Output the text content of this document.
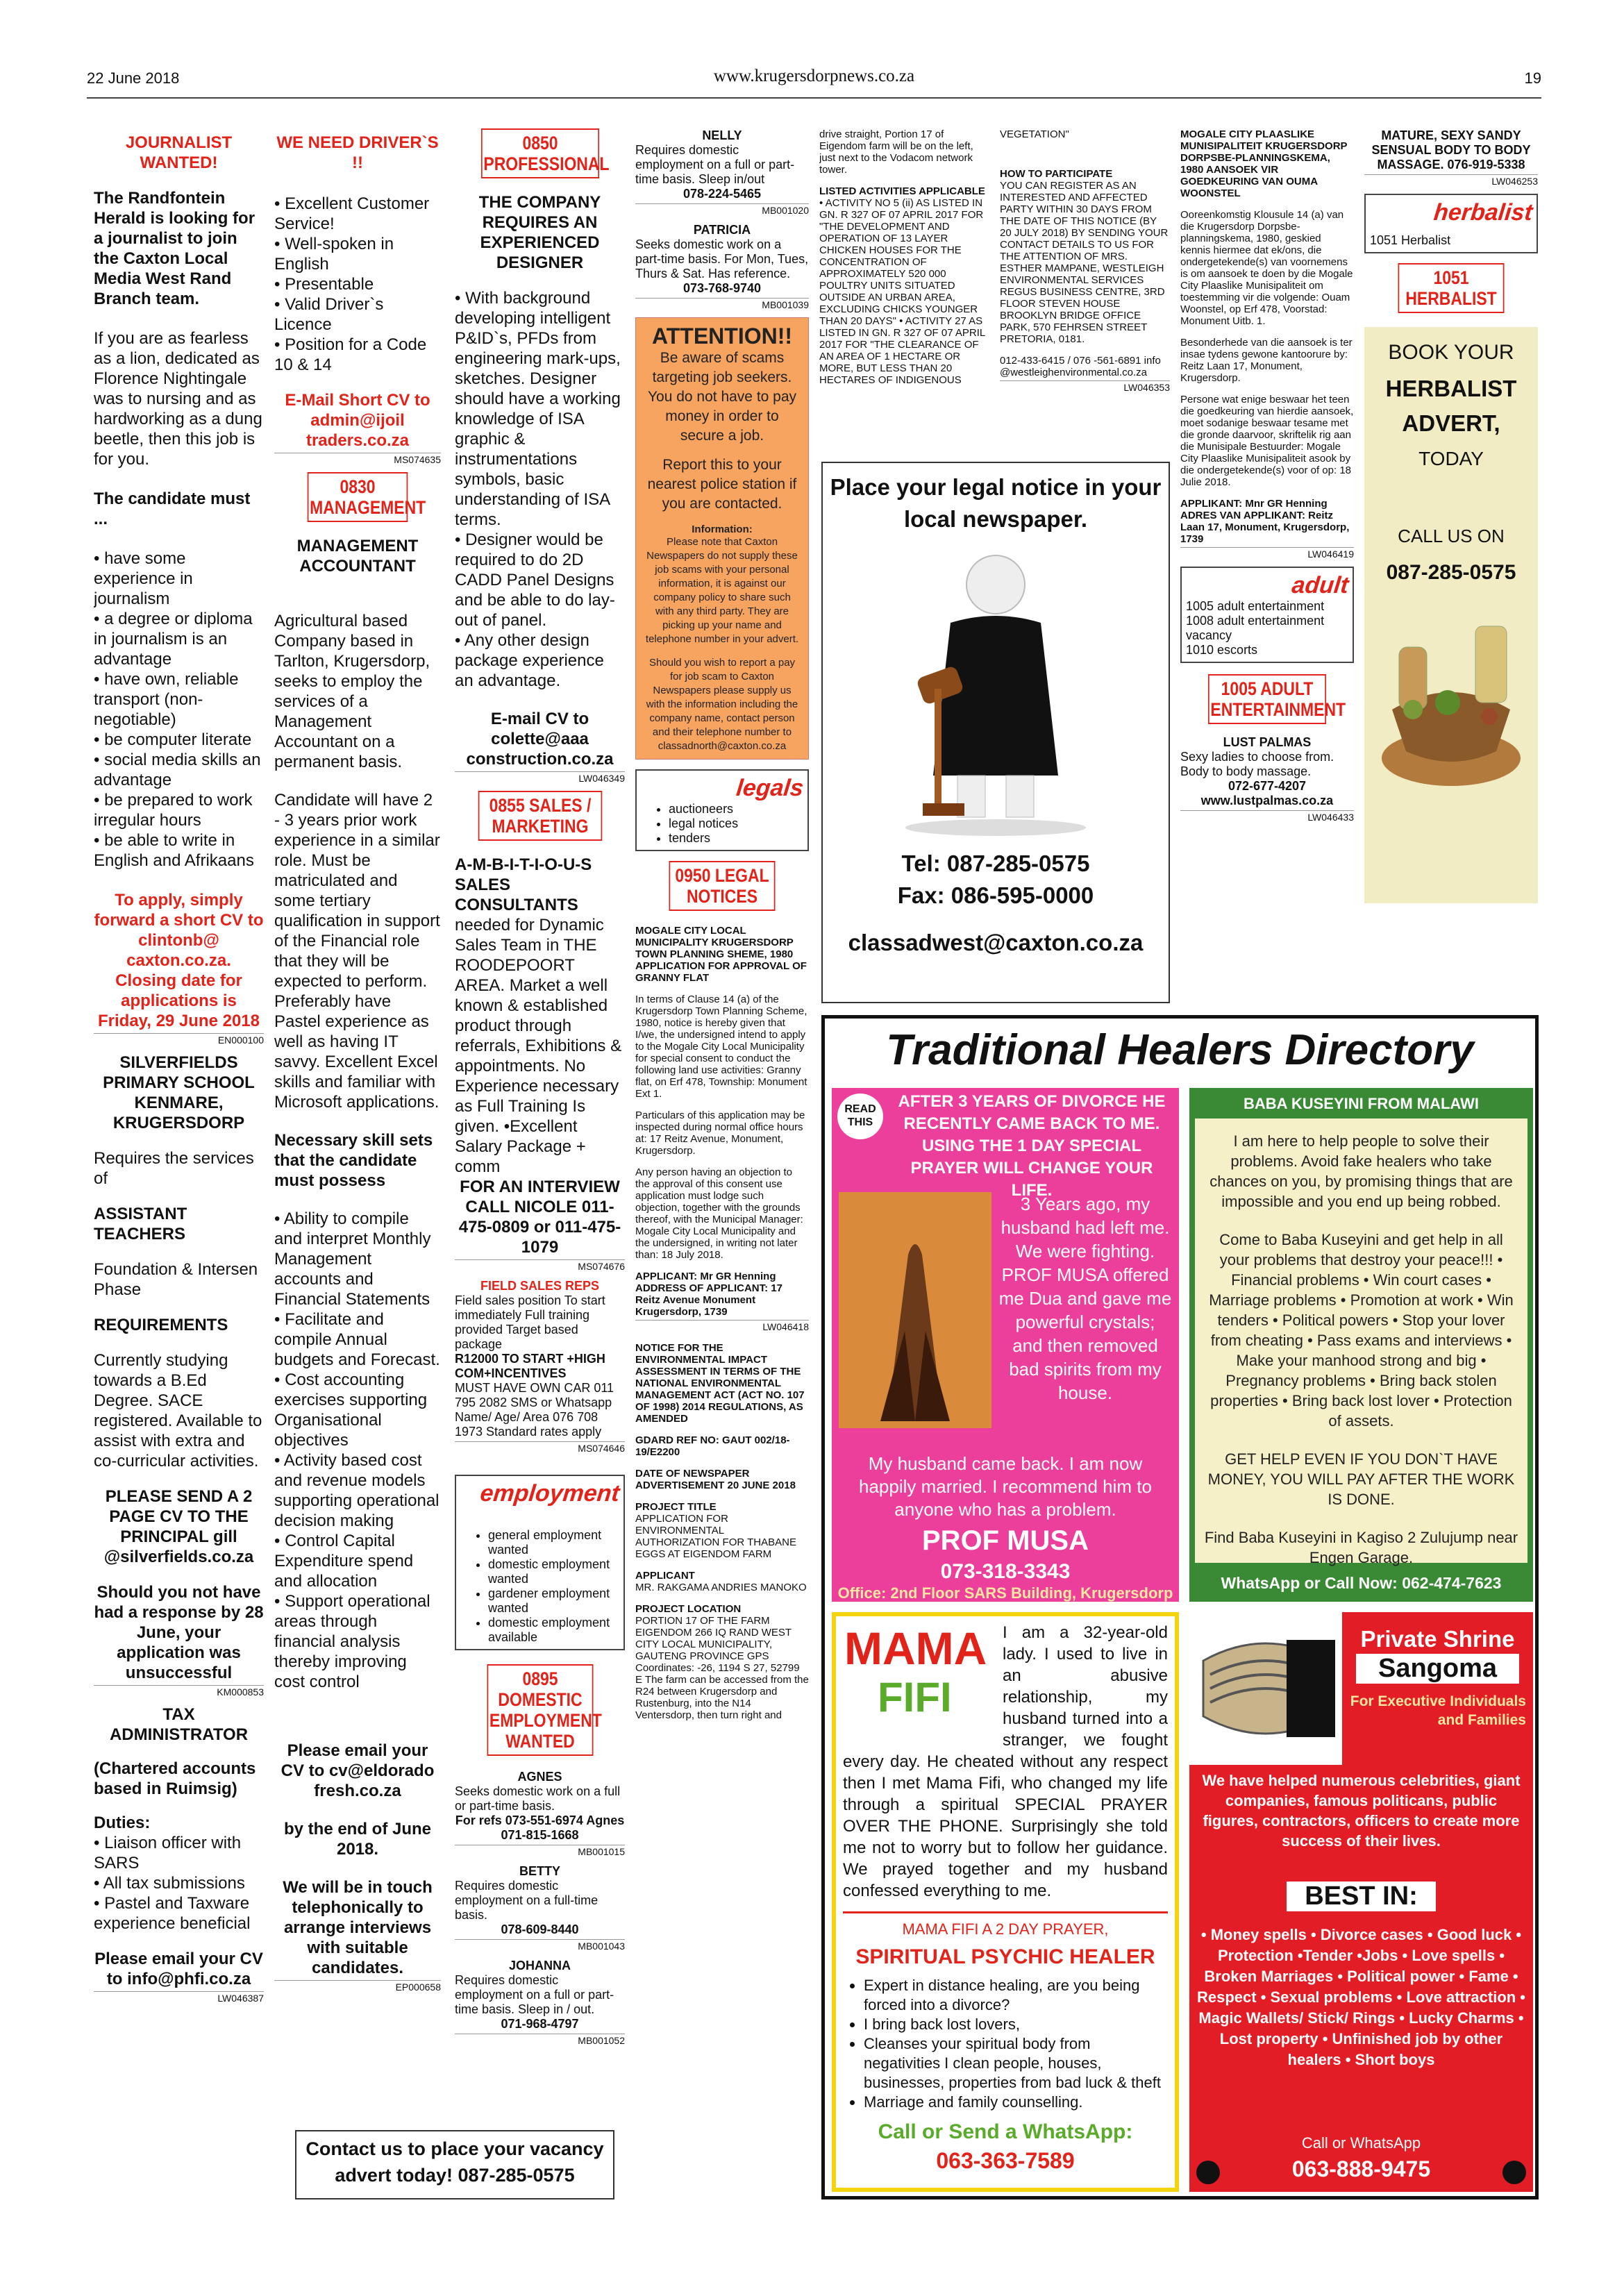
22 June 2018	www.krugersdorpnews.co.za	19
JOURNALIST WANTED!
The Randfontein Herald is looking for a journalist to join the Caxton Local Media West Rand Branch team.
If you are as fearless as a lion, dedicated as Florence Nightingale was to nursing and as hardworking as a dung beetle, then this job is for you.
The candidate must ...
• have some experience in journalism
• a degree or diploma in journalism is an advantage
• have own, reliable transport (non-negotiable)
• be computer literate
• social media skills an advantage
• be prepared to work irregular hours
• be able to write in English and Afrikaans
To apply, simply forward a short CV to clintonb@ caxton.co.za. Closing date for applications is Friday, 29 June 2018
EN000100
SILVERFIELDS PRIMARY SCHOOL KENMARE, KRUGERSDORP
Requires the services of
ASSISTANT TEACHERS
Foundation & Intersen Phase
REQUIREMENTS
Currently studying towards a B.Ed Degree. SACE registered. Available to assist with extra and co-curricular activities.
PLEASE SEND A 2 PAGE CV TO THE PRINCIPAL gill @silverfields.co.za
Should you not have had a response by 28 June, your application was unsuccessful
KM000853
TAX ADMINISTRATOR
(Chartered accounts based in Ruimsig)
Duties:
• Liaison officer with SARS
• All tax submissions
• Pastel and Taxware experience beneficial
Please email your CV to info@phfi.co.za
LW046387
WE NEED DRIVER`S !!
• Excellent Customer Service!
• Well-spoken in English
• Presentable
• Valid Driver`s Licence
• Position for a Code 10 & 14
E-Mail Short CV to admin@ijoil traders.co.za
MS074635
0830 MANAGEMENT
MANAGEMENT ACCOUNTANT
Agricultural based Company based in Tarlton, Krugersdorp, seeks to employ the services of a Management Accountant on a permanent basis.
Candidate will have 2 - 3 years prior work experience in a similar role. Must be matriculated and some tertiary qualification in support of the Financial role that they will be expected to perform. Preferably have Pastel experience as well as having IT savvy. Excellent Excel skills and familiar with Microsoft applications.
Necessary skill sets that the candidate must possess
• Ability to compile and interpret Monthly Management accounts and Financial Statements
• Facilitate and compile Annual budgets and Forecast.
• Cost accounting exercises supporting Organisational objectives
• Activity based cost and revenue models supporting operational decision making
• Control Capital Expenditure spend and allocation
• Support operational areas through financial analysis thereby improving cost control
Please email your CV to cv@eldorado fresh.co.za
by the end of June 2018.
We will be in touch telephonically to arrange interviews with suitable candidates.
EP000658
Contact us to place your vacancy advert today! 087-285-0575
0850 PROFESSIONAL
THE COMPANY REQUIRES AN EXPERIENCED DESIGNER
• With background developing intelligent P&ID`s, PFDs from engineering mark-ups, sketches. Designer should have a working knowledge of ISA graphic & instrumentations symbols, basic understanding of ISA terms.
• Designer would be required to do 2D CADD Panel Designs and be able to do lay-out of panel.
• Any other design package experience an advantage.
E-mail CV to colette@aaa construction.co.za
LW046349
0855 SALES / MARKETING
A-M-B-I-T-I-O-U-S SALES CONSULTANTS
needed for Dynamic Sales Team in THE ROODEPOORT AREA. Market a well known & established product through referrals, Exhibitions & appointments. No Experience necessary as Full Training Is given. •Excellent Salary Package + comm
FOR AN INTERVIEW CALL NICOLE 011-475-0809 or 011-475-1079
MS074676
FIELD SALES REPS
Field sales position To start immediately Full training provided Target based package
R12000 TO START +HIGH COM+INCENTIVES
MUST HAVE OWN CAR 011 795 2082 SMS or Whatsapp Name/ Age/ Area 076 708 1973 Standard rates apply
MS074646
employment
• general employment wanted
• domestic employment wanted
• gardener employment wanted
• domestic employment available
0895 DOMESTIC EMPLOYMENT WANTED
AGNES
Seeks domestic work on a full or part-time basis.
For refs 073-551-6974 Agnes 071-815-1668
MB001015
BETTY
Requires domestic employment on a full-time basis.
078-609-8440
MB001043
JOHANNA
Requires domestic employment on a full or part-time basis. Sleep in / out.
071-968-4797
MB001052
NELLY
Requires domestic employment on a full or part-time basis. Sleep in/out
078-224-5465
MB001020
PATRICIA
Seeks domestic work on a part-time basis. For Mon, Tues, Thurs & Sat. Has reference.
073-768-9740
MB001039
ATTENTION!!
Be aware of scams targeting job seekers. You do not have to pay money in order to secure a job.
Report this to your nearest police station if you are contacted.
Information:
Please note that Caxton Newspapers do not supply these job scams with your personal information, it is against our company policy to share such with any third party. They are picking up your name and telephone number in your advert.
Should you wish to report a pay for job scam to Caxton Newspapers please supply us with the information including the company name, contact person and their telephone number to classadnorth@caxton.co.za
legals
• auctioneers
• legal notices
• tenders
0950 LEGAL NOTICES
MOGALE CITY LOCAL MUNICIPALITY KRUGERSDORP TOWN PLANNING SHEME, 1980 APPLICATION FOR APPROVAL OF GRANNY FLAT
In terms of Clause 14 (a) of the Krugersdorp Town Planning Scheme, 1980, notice is hereby given that I/we, the undersigned intend to apply to the Mogale City Local Municipality for special consent to conduct the following land use activities: Granny flat, on Erf 478, Township: Monument Ext 1.
Particulars of this application may be inspected during normal office hours at: 17 Reitz Avenue, Monument, Krugersdorp.
Any person having an objection to the approval of this consent use application must lodge such objection, together with the grounds thereof, with the Municipal Manager: Mogale City Local Municipality and the undersigned, in writing not later than: 18 July 2018.
APPLICANT: Mr GR Henning ADDRESS OF APPLICANT: 17 Reitz Avenue Monument Krugersdorp, 1739
LW046418
NOTICE FOR THE ENVIRONMENTAL IMPACT ASSESSMENT IN TERMS OF THE NATIONAL ENVIRONMENTAL MANAGEMENT ACT (ACT NO. 107 OF 1998) 2014 REGULATIONS, AS AMENDED
GDARD REF NO: GAUT 002/18-19/E2200
DATE OF NEWSPAPER ADVERTISEMENT 20 JUNE 2018
PROJECT TITLE
APPLICATION FOR ENVIRONMENTAL AUTHORIZATION FOR THABANE EGGS AT EIGENDOM FARM
APPLICANT
MR. RAKGAMA ANDRIES MANOKO
PROJECT LOCATION
PORTION 17 OF THE FARM EIGENDOM 266 IQ RAND WEST CITY LOCAL MUNICIPALITY, GAUTENG PROVINCE GPS Coordinates: -26, 1194 S 27, 52799 E The farm can be accessed from the R24 between Krugersdorp and Rustenburg, into the N14 Ventersdorp, then turn right and
drive straight, Portion 17 of Eigendom farm will be on the left, just next to the Vodacom network tower.
LISTED ACTIVITIES APPLICABLE
• ACTIVITY NO 5 (ii) AS LISTED IN GN. R 327 OF 07 APRIL 2017 FOR "THE DEVELOPMENT AND OPERATION OF 13 LAYER CHICKEN HOUSES FOR THE CONCENTRATION OF APPROXIMATELY 520 000 POULTRY UNITS SITUATED OUTSIDE AN URBAN AREA, EXCLUDING CHICKS YOUNGER THAN 20 DAYS" • ACTIVITY 27 AS LISTED IN GN. R 327 OF 07 APRIL 2017 FOR "THE CLEARANCE OF AN AREA OF 1 HECTARE OR MORE, BUT LESS THAN 20 HECTARES OF INDIGENOUS
VEGETATION"
HOW TO PARTICIPATE
YOU CAN REGISTER AS AN INTERESTED AND AFFECTED PARTY WITHIN 30 DAYS FROM THE DATE OF THIS NOTICE (BY 20 JULY 2018) BY SENDING YOUR CONTACT DETAILS TO US FOR THE ATTENTION OF MRS. ESTHER MAMPANE, WESTLEIGH ENVIRONMENTAL SERVICES REGUS BUSINESS CENTRE, 3RD FLOOR STEVEN HOUSE BROOKLYN BRIDGE OFFICE PARK, 570 FEHRSEN STREET PRETORIA, 0181.
012-433-6415 / 076 -561-6891 info @westleighenvironmental.co.za
LW046353
Place your legal notice in your local newspaper.
Tel: 087-285-0575
Fax: 086-595-0000
classadwest@caxton.co.za
MOGALE CITY PLAASLIKE MUNISIPALITEIT KRUGERSDORP DORPSBE-PLANNINGSKEMA, 1980 AANSOEK VIR GOEDKEURING VAN OUMA WOONSTEL
Ooreenkomstig Klousule 14 (a) van die Krugersdorp Dorpsbe-planningskema, 1980, geskied kennis hiermee dat ek/ons, die ondergetekende(s) van voornemens is om aansoek te doen by die Mogale City Plaaslike Munisipaliteit om toestemming vir die volgende: Ouam Woonstel, op Erf 478, Voorstad: Monument Uitb. 1.
Besonderhede van die aansoek is ter insae tydens gewone kantoorure by: Reitz Laan 17, Monument, Krugersdorp.
Persone wat enige beswaar het teen die goedkeuring van hierdie aansoek, moet sodanige beswaar tesame met die gronde daarvoor, skriftelik rig aan die Munisipale Bestuurder: Mogale City Plaaslike Munisipaliteit asook by die ondergetekende(s) voor of op: 18 Julie 2018.
APPLIKANT: Mnr GR Henning ADRES VAN APPLIKANT: Reitz Laan 17, Monument, Krugersdorp, 1739
LW046419
adult
1005 adult entertainment
1008 adult entertainment vacancy
1010 escorts
1005 ADULT ENTERTAINMENT
LUST PALMAS
Sexy ladies to choose from. Body to body massage.
072-677-4207 www.lustpalmas.co.za
LW046433
MATURE, SEXY SANDY SENSUAL BODY TO BODY MASSAGE. 076-919-5338
LW046253
herbalist
1051 Herbalist
1051 HERBALIST
BOOK YOUR
HERBALIST ADVERT,
TODAY
CALL US ON
087-285-0575
Traditional Healers Directory
READ THIS
AFTER 3 YEARS OF DIVORCE HE RECENTLY CAME BACK TO ME. USING THE 1 DAY SPECIAL PRAYER WILL CHANGE YOUR LIFE.
3 Years ago, my husband had left me. We were fighting. PROF MUSA offered me Dua and gave me powerful crystals; and then removed bad spirits from my house.
My husband came back. I am now happily married. I recommend him to anyone who has a problem.
PROF MUSA
073-318-3343
Office: 2nd Floor SARS Building, Krugersdorp
BABA KUSEYINI FROM MALAWI
I am here to help people to solve their problems. Avoid fake healers who take chances on you, by promising things that are impossible and you end up being robbed.
Come to Baba Kuseyini and get help in all your problems that destroy your peace!!! • Financial problems • Win court cases • Marriage problems • Promotion at work • Win tenders • Political powers • Stop your lover from cheating • Pass exams and interviews • Make your manhood strong and big • Pregnancy problems • Bring back stolen properties • Bring back lost lover • Protection of assets.
GET HELP EVEN IF YOU DON`T HAVE MONEY, YOU WILL PAY AFTER THE WORK IS DONE.
Find Baba Kuseyini in Kagiso 2 Zulujump near Engen Garage.
WhatsApp or Call Now: 062-474-7623
MAMA
FIFI
I am a 32-year-old lady. I used to live in an abusive relationship, my husband turned into a stranger, we fought every day. He cheated without any respect then I met Mama Fifi, who changed my life through a spiritual SPECIAL PRAYER OVER THE PHONE. Surprisingly she told me not to worry but to follow her guidance. We prayed together and my husband confessed everything to me.
MAMA FIFI A 2 DAY PRAYER,
SPIRITUAL PSYCHIC HEALER
• Expert in distance healing, are you being forced into a divorce?
• I bring back lost lovers,
• Cleanses your spiritual body from negativities I clean people, houses, businesses, properties from bad luck & theft
• Marriage and family counselling.
Call or Send a WhatsApp:
063-363-7589
Private Shrine
Sangoma
For Executive Individuals and Families
We have helped numerous celebrities, giant companies, famous politicans, public figures, contractors, officers to create more success of their lives.
BEST IN:
• Money spells • Divorce cases • Good luck • Protection •Tender •Jobs • Love spells • Broken Marriages • Political power • Fame • Respect • Sexual problems • Love attraction • Magic Wallets/ Stick/ Rings • Lucky Charms • Lost property • Unfinished job by other healers • Short boys
Call or WhatsApp
063-888-9475
